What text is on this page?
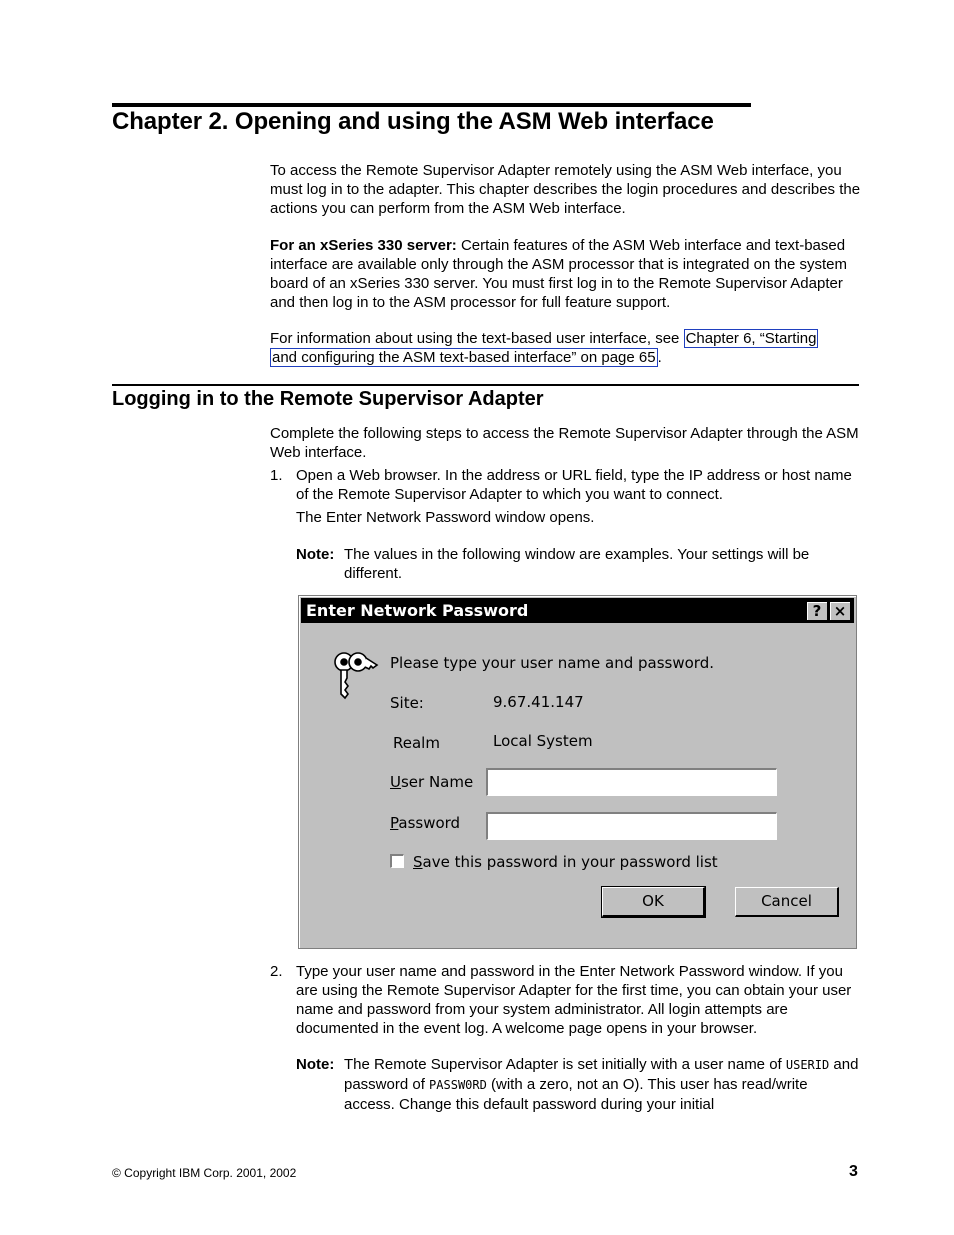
Chapter 2. Opening and using the ASM Web interface
To access the Remote Supervisor Adapter remotely using the ASM Web interface, you must log in to the adapter. This chapter describes the login procedures and describes the actions you can perform from the ASM Web interface.
For an xSeries 330 server: Certain features of the ASM Web interface and text-based interface are available only through the ASM processor that is integrated on the system board of an xSeries 330 server. You must first log in to the Remote Supervisor Adapter and then log in to the ASM processor for full feature support.
For information about using the text-based user interface, see Chapter 6, “Starting
and configuring the ASM text-based interface” on page 65 .
Logging in to the Remote Supervisor Adapter
Complete the following steps to access the Remote Supervisor Adapter through the ASM Web interface.
1. Open a Web browser. In the address or URL field, type the IP address or host name of the Remote Supervisor Adapter to which you want to connect.
The Enter Network Password window opens.
Note: The values in the following window are examples. Your settings will be different.
Enter Network Password	? ×
Please type your user name and password.
Site:	9.67.41.147
Realm	Local System
User Name
Password
Save this password in your password list
OK	Cancel
2. Type your user name and password in the Enter Network Password window. If you are using the Remote Supervisor Adapter for the first time, you can obtain your user name and password from your system administrator. All login attempts are documented in the event log. A welcome page opens in your browser.
Note: The Remote Supervisor Adapter is set initially with a user name of USERID and password of PASSW0RD (with a zero, not an O). This user has read/write access. Change this default password during your initial
© Copyright IBM Corp. 2001, 2002	3
